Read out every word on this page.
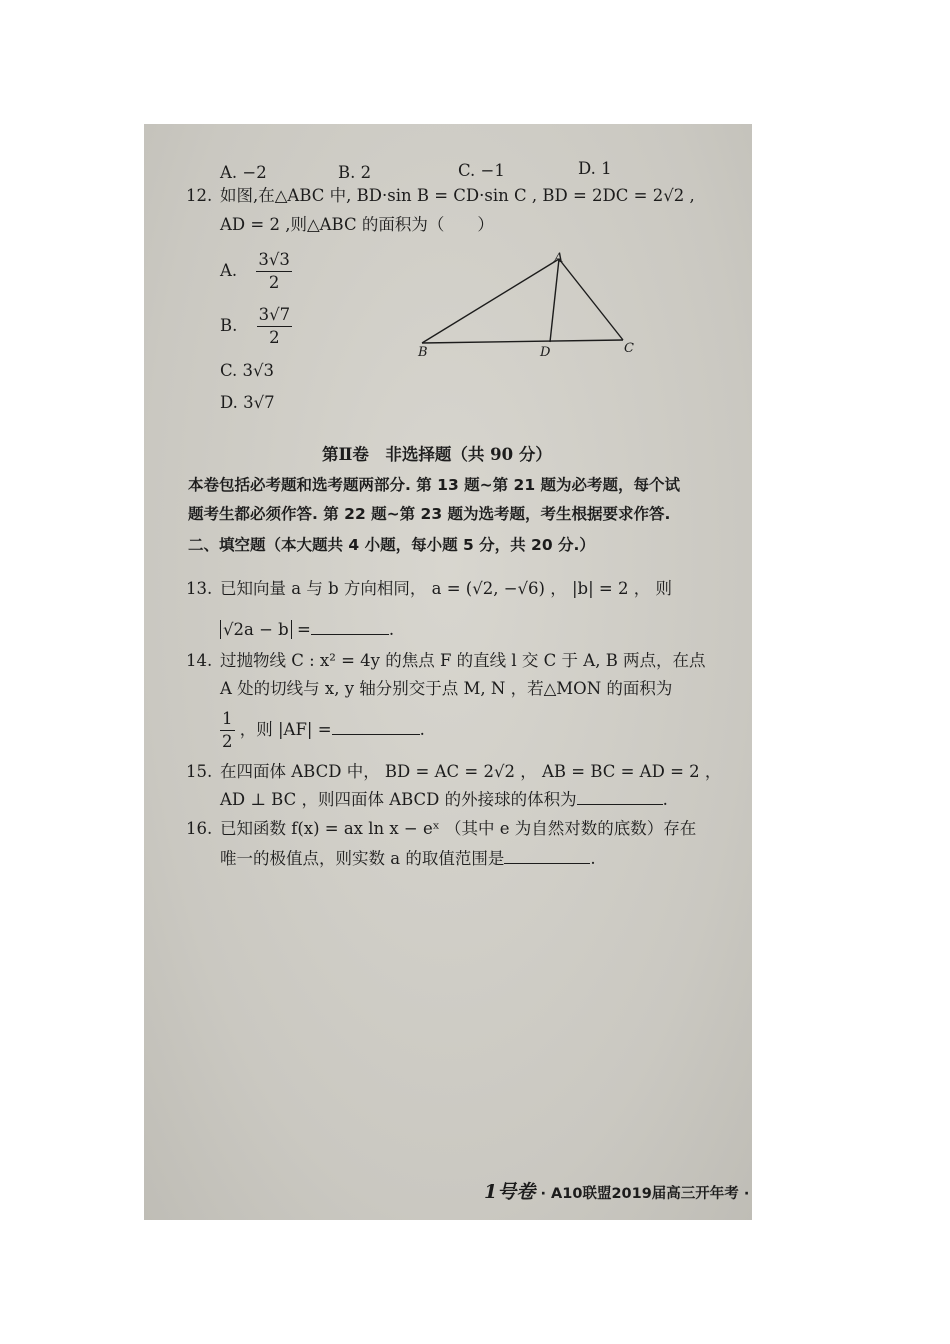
A. −2	B. 2	C. −1	D. 1
12. 如图,在△ABC 中, BD·sin B = CD·sin C , BD = 2DC = 2√2 ,
AD = 2 ,则△ABC 的面积为（　　）
A. $\frac{3√3}{2}$
B. $\frac{3√7}{2}$
C. 3√3
D. 3√7
A
B	C
D
第Ⅱ卷　非选择题（共 90 分）
本卷包括必考题和选考题两部分. 第 13 题~第 21 题为必考题，每个试
题考生都必须作答. 第 22 题~第 23 题为选考题，考生根据要求作答.
二、填空题（本大题共 4 小题，每小题 5 分，共 20 分.）
13. 已知向量 a 与 b 方向相同， a = (√2, −√6) ， |b| = 2 ， 则
√2a − b =	.
14. 过抛物线 C : x² = 4y 的焦点 F 的直线 l 交 C 于 A, B 两点，在点
A 处的切线与 x, y 轴分别交于点 M, N ，若△MON 的面积为
$\frac{1}{2}$ ，则 |AF| =	.
15. 在四面体 ABCD 中， BD = AC = 2√2 ， AB = BC = AD = 2 ，
AD ⊥ BC ，则四面体 ABCD 的外接球的体积为	.
16. 已知函数 f(x) = ax ln x − eˣ （其中 e 为自然对数的底数）存在
唯一的极值点，则实数 a 的取值范围是	.
1号卷 · A10联盟2019届高三开年考 ·
